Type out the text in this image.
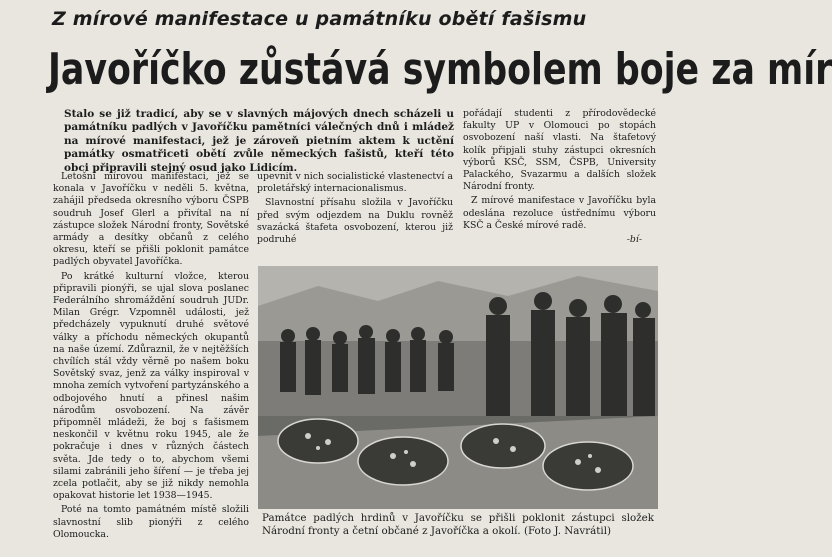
Z mírové manifestace u památníku obětí fašismu
Javoříčko zůstává symbolem boje za mír
Stalo se již tradicí, aby se v slavných májových dnech scházeli u památníku padlých v Javoříčku pamětníci válečných dnů i mládež na mírové manifestaci, jež je zároveň pietním aktem k uctění památky osmatřiceti obětí zvůle německých fašistů, kteří této obci připravili stejný osud jako Lidicím.

Letošní mírovou manifestaci, jež se konala v Javoříčku v neděli 5. května, zahájil předseda okresního výboru ČSPB soudruh Josef Glerl a přivítal na ní zástupce složek Národní fronty, Sovětské armády a desítky občanů z celého okresu, kteří se přišli poklonit památce padlých obyvatel Javoříčka.

Po krátké kulturní vložce, kterou připravili pionýři, se ujal slova poslanec Federálního shromáždění soudruh JUDr. Milan Grégr. Vzpomněl události, jež předcházely vypuknutí druhé světové války a příchodu německých okupantů na naše území. Zdůraznil, že v nejtěžších chvílích stál vždy věrně po našem boku Sovětský svaz, jenž za války inspiroval v mnoha zemích vytvoření partyzánského a odbojového hnutí a přinesl našim národům osvobození. Na závěr připomněl mládeži, že boj s fašismem neskončil v květnu roku 1945, ale že pokračuje i dnes v různých částech světa. Jde tedy o to, abychom všemi silami zabránili jeho šíření — je třeba jej zcela potlačit, aby se již nikdy nemohla opakovat historie let 1938—1945.

Poté na tomto památném místě složili slavnostní slib pionýři z celého Olomoucka.

upevnit v nich socialistické vlastenectví a proletářský internacionalismus.

Slavnostní přísahu složila v Javoříčku před svým odjezdem na Duklu rovněž svazácká štafeta osvobození, kterou již podruhé

pořádají studenti z přírodovědecké fakulty UP v Olomouci po stopách osvobození naší vlasti. Na štafetový kolík připjali stuhy zástupci okresních výborů KSČ, SSM, ČSPB, University Palackého, Svazarmu a dalších složek Národní fronty.

Z mírové manifestace v Javoříčku byla odeslána rezoluce ústřednímu výboru KSČ a České mírové radě.

-bí-
Památce padlých hrdinů v Javoříčku se přišli poklonit zástupci složek Národní fronty a četní občané z Javoříčka a okolí. (Foto J. Navrátil)
